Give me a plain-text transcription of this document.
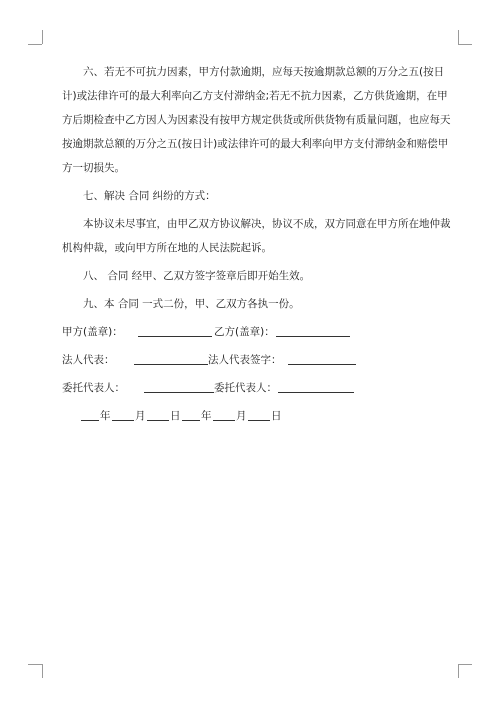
六、若无不可抗力因素，甲方付款逾期，应每天按逾期款总额的万分之五(按日
计)或法律许可的最大利率向乙方支付滞纳金;若无不抗力因素，乙方供货逾期，在甲
方后期检查中乙方因人为因素没有按甲方规定供货或所供货物有质量问题，也应每天
按逾期款总额的万分之五(按日计)或法律许可的最大利率向甲方支付滞纳金和赔偿甲
方一切损失。
七、解决 合同 纠纷的方式：
本协议未尽事宜，由甲乙双方协议解决，协议不成，双方同意在甲方所在地仲裁
机构仲裁，或向甲方所在地的人民法院起诉。
八、 合同 经甲、乙双方签字签章后即开始生效。
九、本 合同 一式二份，甲、乙双方各执一份。
甲方(盖章)：	乙方(盖章)：
法人代表：	法人代表签字：
委托代表人：	委托代表人：
年 月 日 年 月 日
